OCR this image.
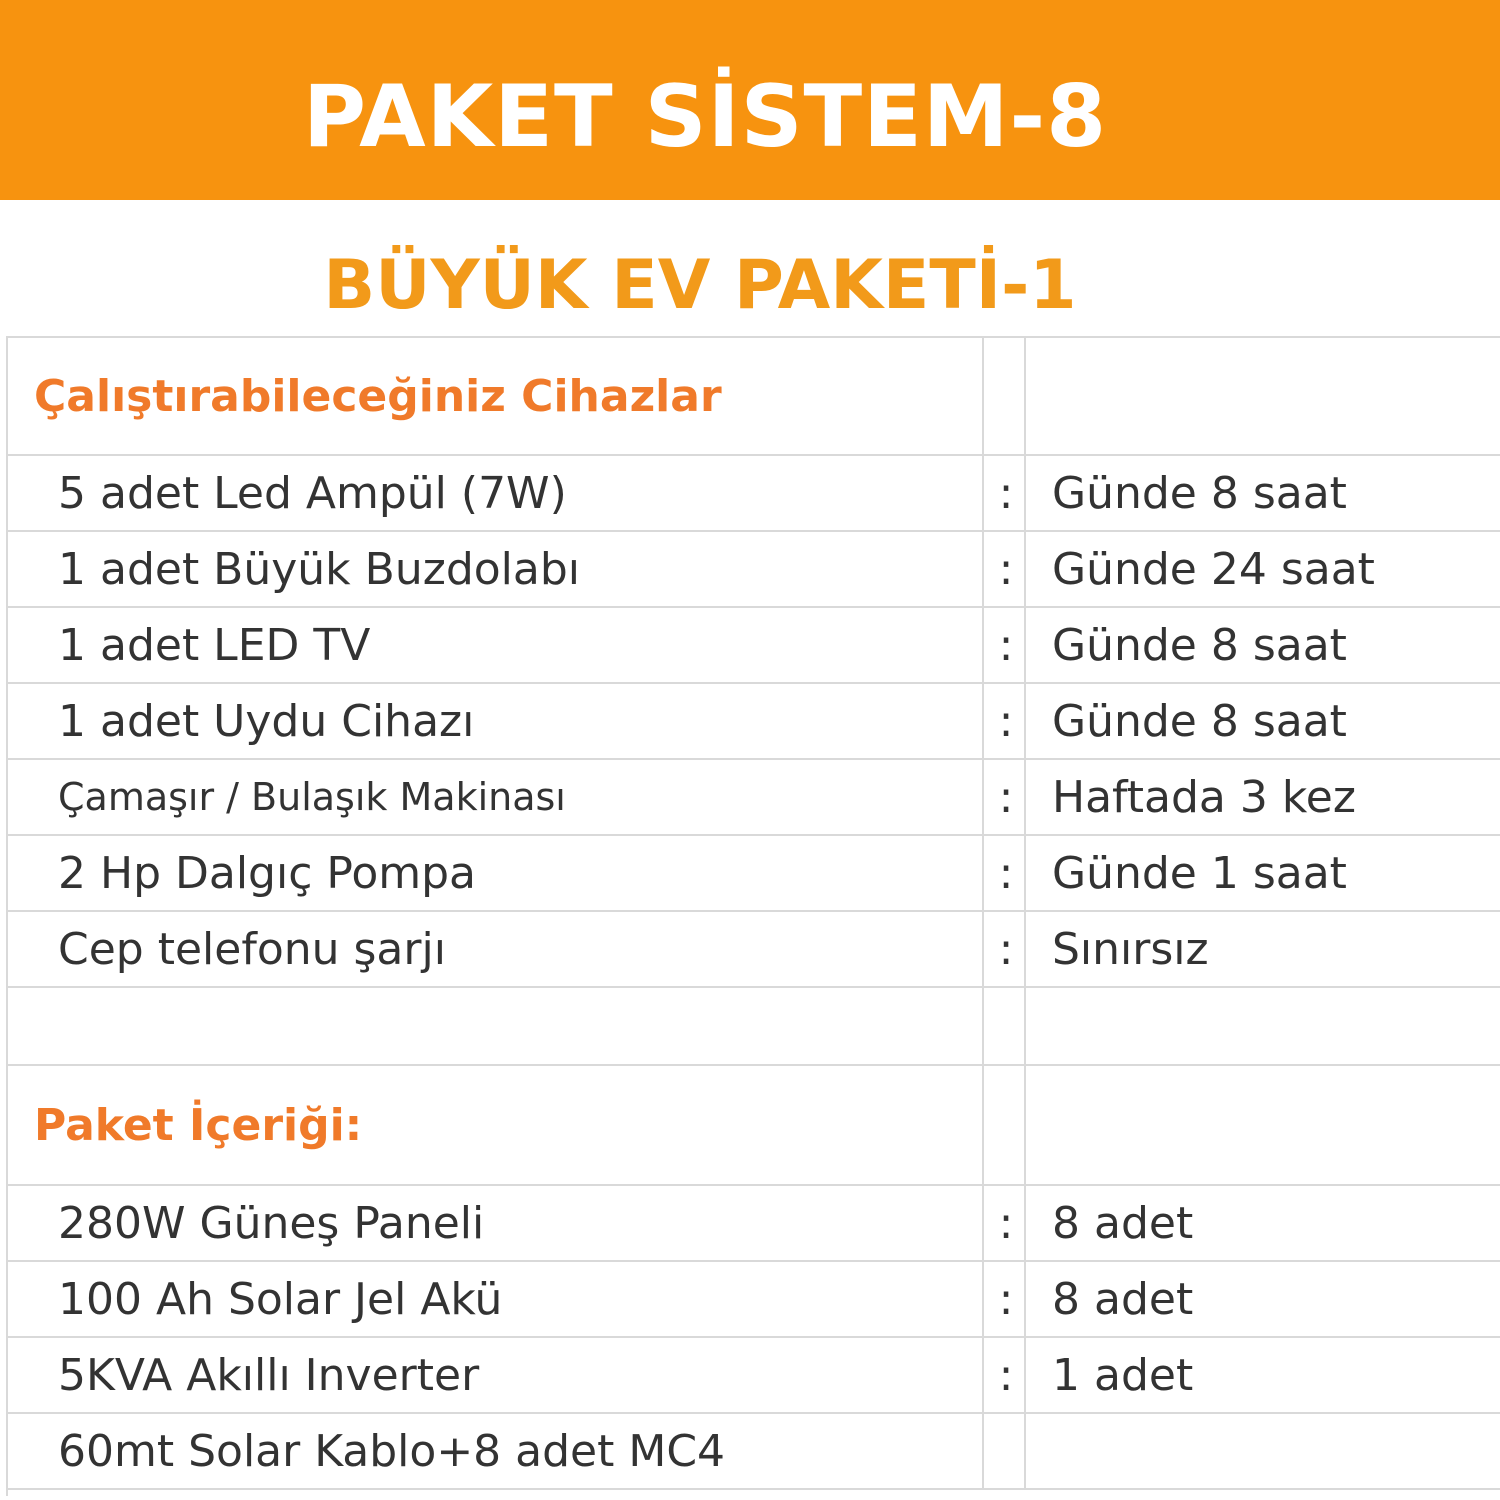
PAKET SİSTEM-8
BÜYÜK EV PAKETİ-1
Çalıştırabileceğiniz Cihazlar
5 adet Led Ampül (7W)	: Günde 8 saat
1 adet Büyük Buzdolabı	: Günde 24 saat
1 adet LED TV	: Günde 8 saat
1 adet Uydu Cihazı	: Günde 8 saat
Çamaşır / Bulaşık Makinası	: Haftada 3 kez
2 Hp Dalgıç Pompa	: Günde 1 saat
Cep telefonu şarjı	: Sınırsız
Paket İçeriği:
280W Güneş Paneli	: 8 adet
100 Ah Solar Jel Akü	: 8 adet
5KVA Akıllı Inverter	: 1 adet
60mt Solar Kablo+8 adet MC4
